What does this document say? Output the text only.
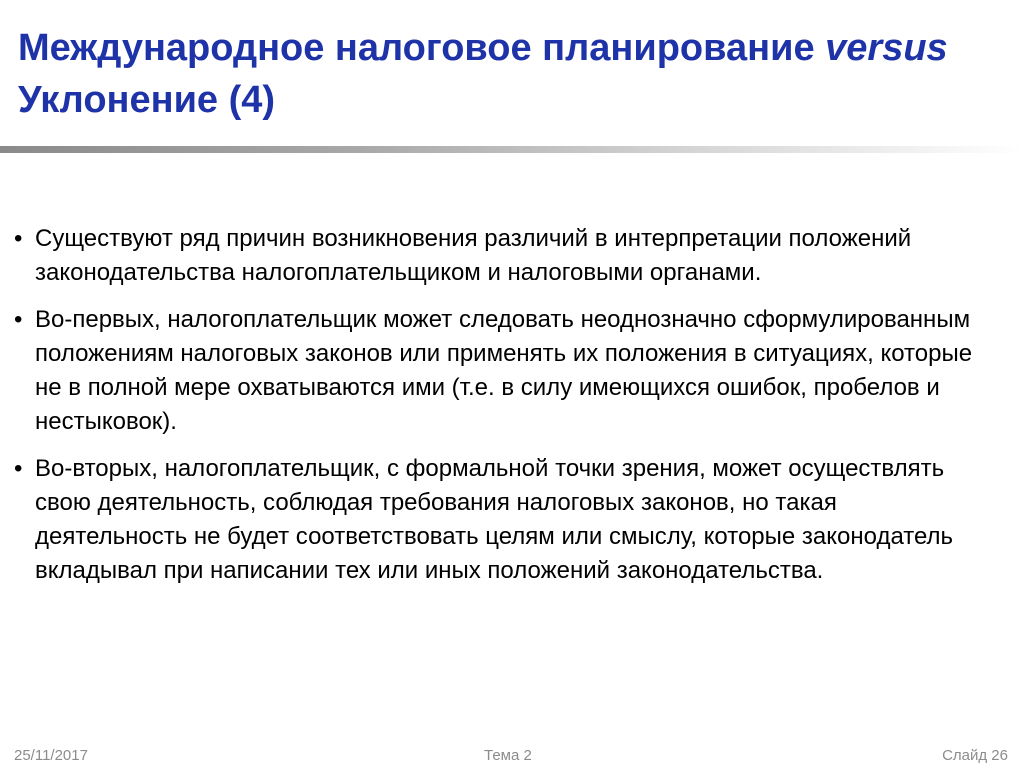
Международное налоговое планирование versus Уклонение (4)
• Существуют ряд причин возникновения различий в интерпретации положений законодательства налогоплательщиком и налоговыми органами.
• Во-первых, налогоплательщик может следовать неоднозначно сформулированным положениям налоговых законов или применять их положения в ситуациях, которые не в полной мере охватываются ими (т.е. в силу имеющихся ошибок, пробелов и нестыковок).
• Во-вторых, налогоплательщик, с формальной точки зрения, может осуществлять свою деятельность, соблюдая требования налоговых законов, но такая деятельность не будет соответствовать целям или смыслу, которые законодатель вкладывал при написании тех или иных положений законодательства.
25/11/2017	Тема 2	Слайд 26
